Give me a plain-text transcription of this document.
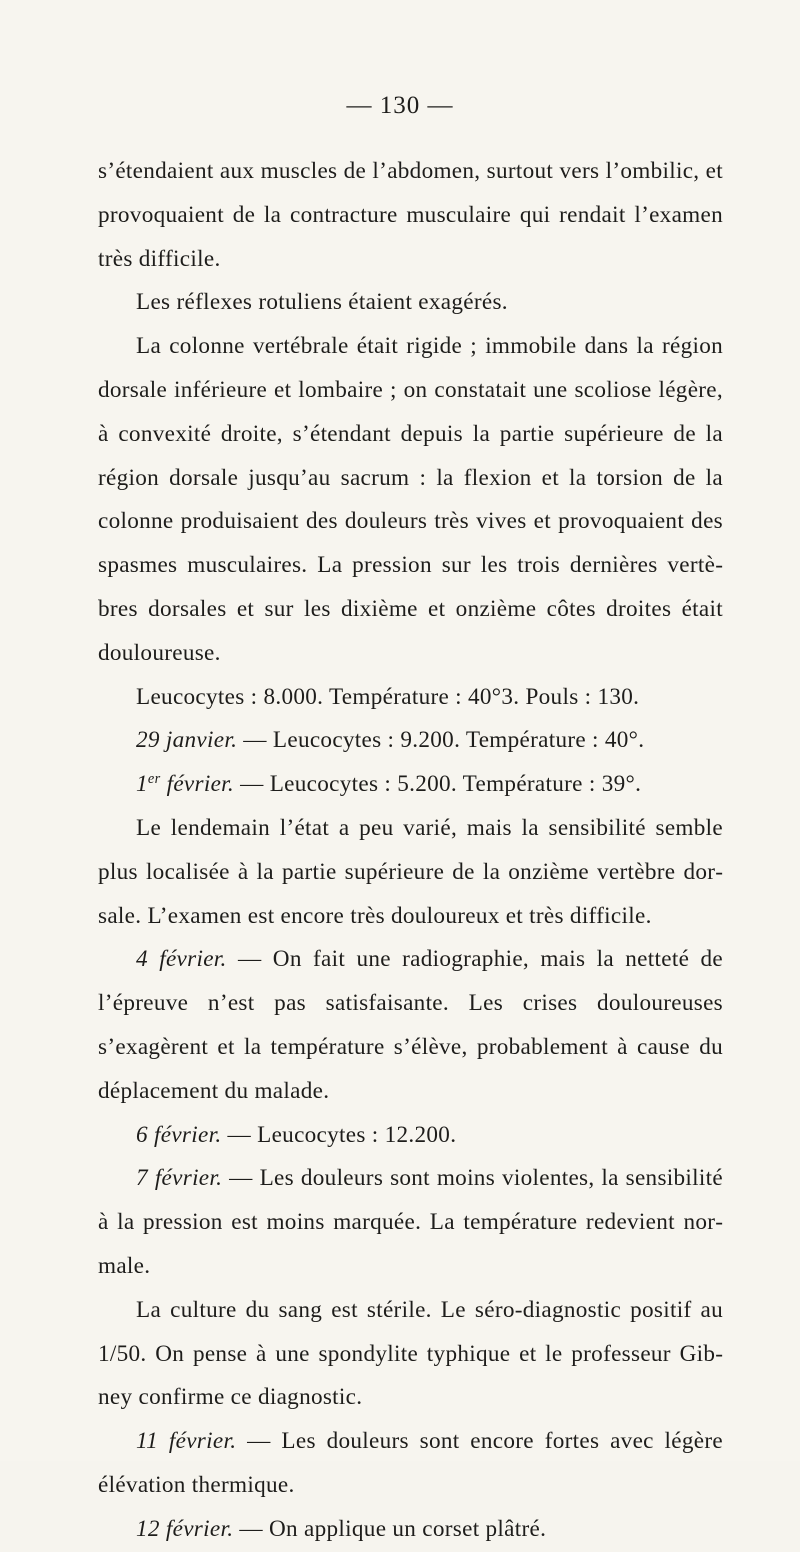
— 130 —

s’étendaient aux muscles de l’abdomen, surtout vers l’ombilic, et provoquaient de la contracture musculaire qui rendait l’examen très difficile.

Les réflexes rotuliens étaient exagérés.

La colonne vertébrale était rigide ; immobile dans la région dorsale inférieure et lombaire ; on constatait une scoliose légère, à convexité droite, s’étendant depuis la partie supérieure de la région dorsale jusqu’au sacrum : la flexion et la torsion de la colonne produisaient des douleurs très vives et provoquaient des spasmes musculaires. La pression sur les trois dernières vertèbres dorsales et sur les dixième et onzième côtes droites était douloureuse.

Leucocytes : 8.000. Température : 40°3. Pouls : 130.

29 janvier. — Leucocytes : 9.200. Température : 40°.

1er février. — Leucocytes : 5.200. Température : 39°.

Le lendemain l’état a peu varié, mais la sensibilité semble plus localisée à la partie supérieure de la onzième vertèbre dorsale. L’examen est encore très douloureux et très difficile.

4 février. — On fait une radiographie, mais la netteté de l’épreuve n’est pas satisfaisante. Les crises douloureuses s’exagèrent et la température s’élève, probablement à cause du déplacement du malade.

6 février. — Leucocytes : 12.200.

7 février. — Les douleurs sont moins violentes, la sensibilité à la pression est moins marquée. La température redevient normale.

La culture du sang est stérile. Le séro-diagnostic positif au 1/50. On pense à une spondylite typhique et le professeur Gibney confirme ce diagnostic.

11 février. — Les douleurs sont encore fortes avec légère élévation thermique.

12 février. — On applique un corset plâtré.
